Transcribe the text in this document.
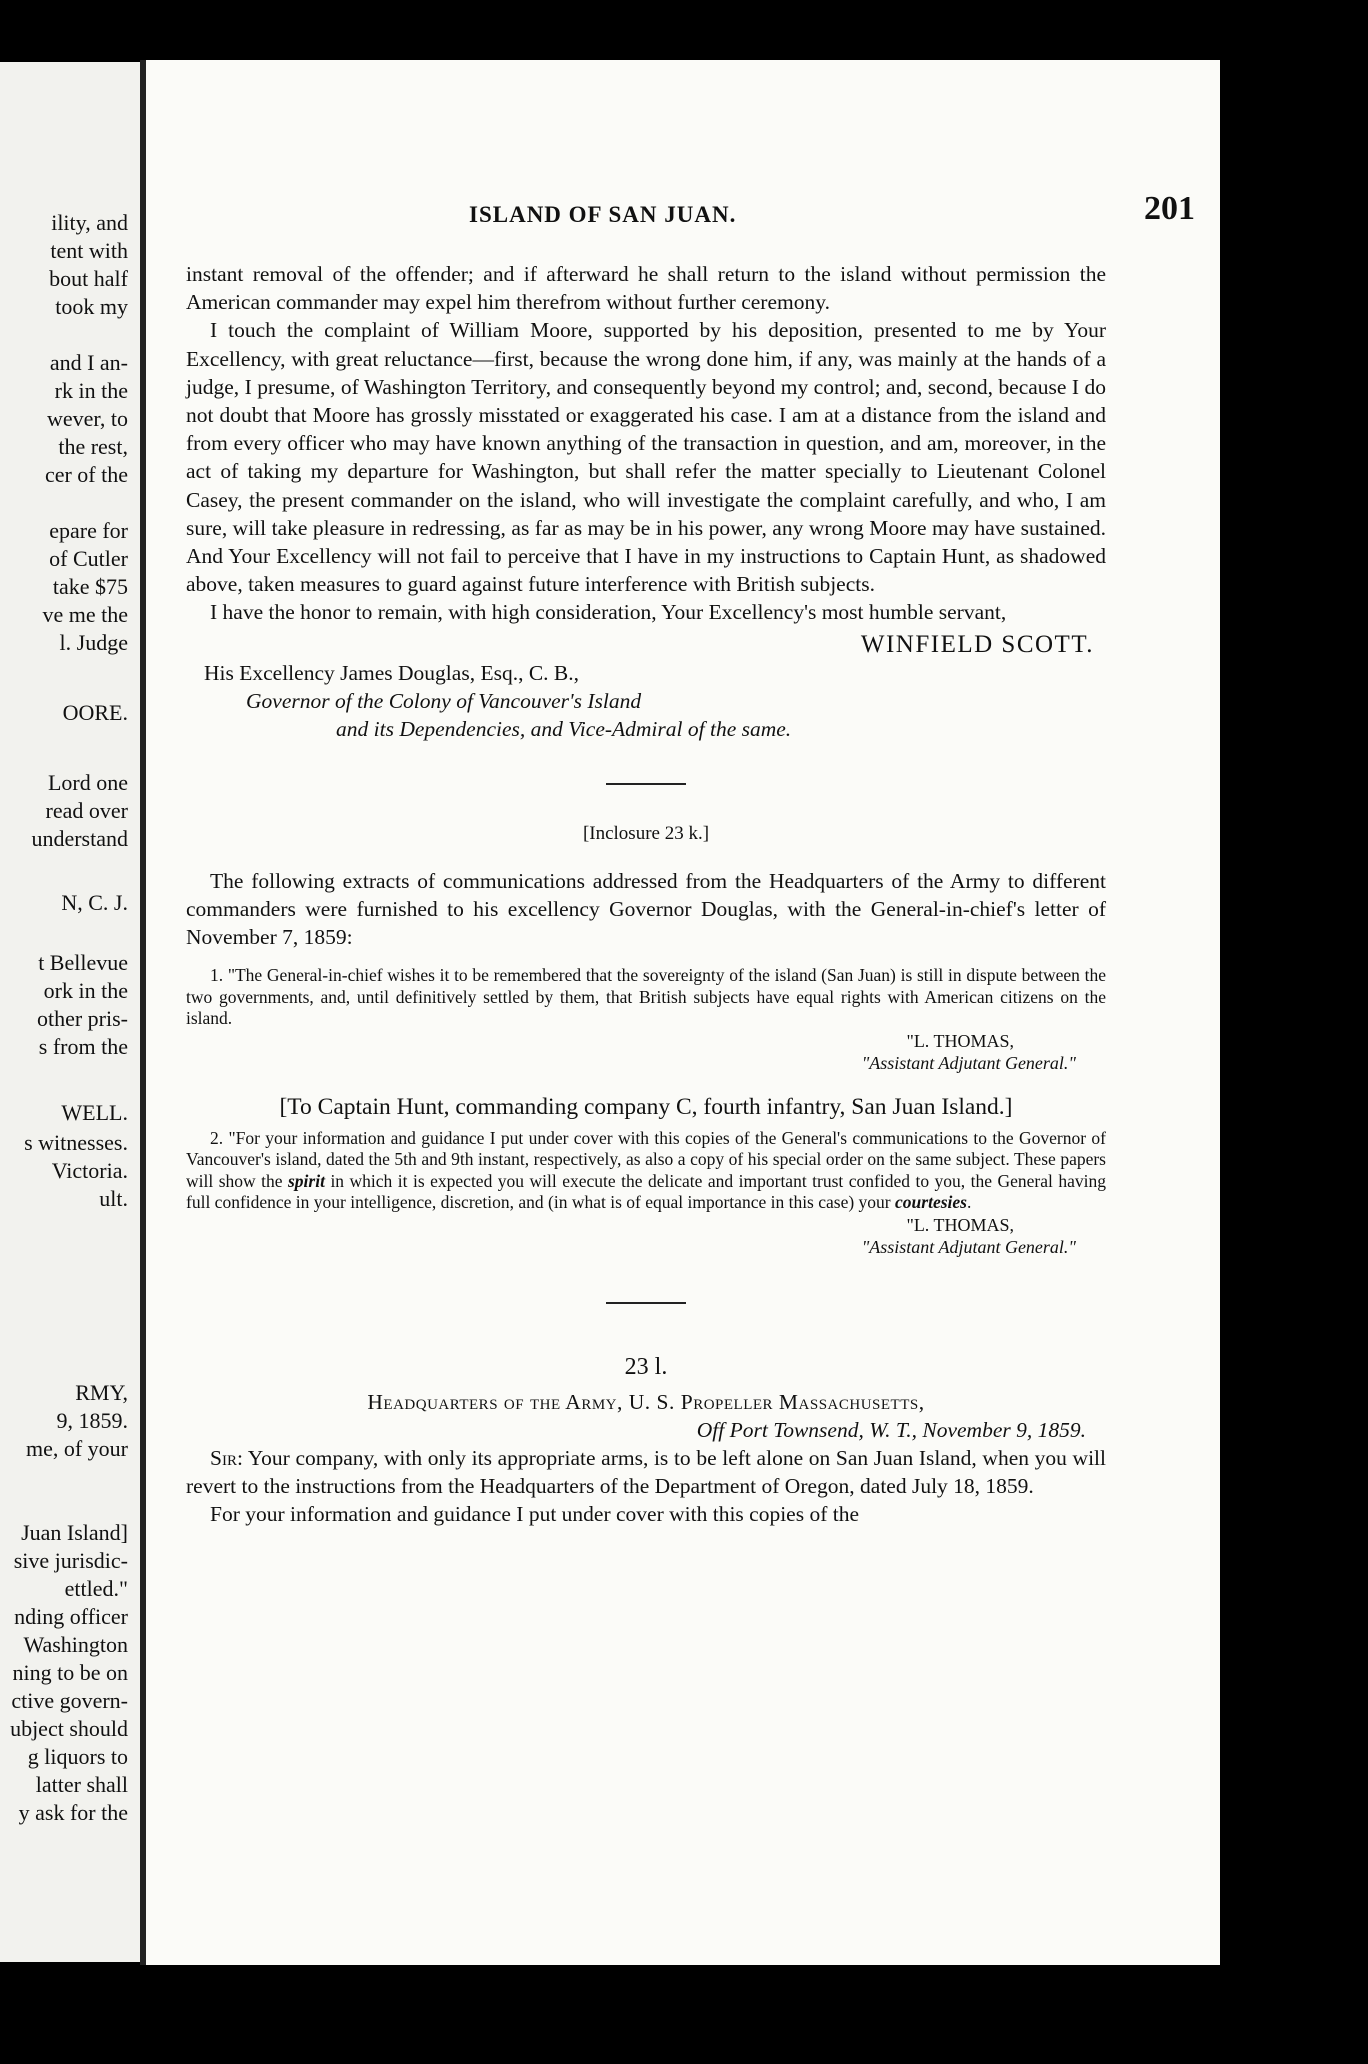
ility, and
tent with
bout half
took my
and I an-
rk in the
wever, to
the rest,
cer of the
epare for
of Cutler
take $75
ve me the
l. Judge
OORE.
Lord one
read over
understand
N, C. J.
t Bellevue
ork in the
other pris-
s from the
WELL.
s witnesses.
Victoria.
ult.
RMY,
9, 1859.
me, of your
Juan Island]
sive jurisdic-
ettled."
nding officer
Washington
ning to be on
ctive govern-
ubject should
g liquors to
latter shall
y ask for the
ISLAND OF SAN JUAN.	201

instant removal of the offender; and if afterward he shall return to the island without permission the American commander may expel him therefrom without further ceremony.

I touch the complaint of William Moore, supported by his deposition, presented to me by Your Excellency, with great reluctance—first, because the wrong done him, if any, was mainly at the hands of a judge, I presume, of Washington Territory, and consequently beyond my control; and, second, because I do not doubt that Moore has grossly misstated or exaggerated his case. I am at a distance from the island and from every officer who may have known anything of the transaction in question, and am, moreover, in the act of taking my departure for Washington, but shall refer the matter specially to Lieutenant Colonel Casey, the present commander on the island, who will investigate the complaint carefully, and who, I am sure, will take pleasure in redressing, as far as may be in his power, any wrong Moore may have sustained. And Your Excellency will not fail to perceive that I have in my instructions to Captain Hunt, as shadowed above, taken measures to guard against future interference with British subjects.

I have the honor to remain, with high consideration, Your Excellency's most humble servant,

WINFIELD SCOTT.

His Excellency James Douglas, Esq., C. B.,
Governor of the Colony of Vancouver's Island
and its Dependencies, and Vice-Admiral of the same.

[Inclosure 23 k.]

The following extracts of communications addressed from the Headquarters of the Army to different commanders were furnished to his excellency Governor Douglas, with the General-in-chief's letter of November 7, 1859:

1. "The General-in-chief wishes it to be remembered that the sovereignty of the island (San Juan) is still in dispute between the two governments, and, until definitively settled by them, that British subjects have equal rights with American citizens on the island.

"L. THOMAS,
"Assistant Adjutant General."

[To Captain Hunt, commanding company C, fourth infantry, San Juan Island.]

2. "For your information and guidance I put under cover with this copies of the General's communications to the Governor of Vancouver's island, dated the 5th and 9th instant, respectively, as also a copy of his special order on the same subject. These papers will show the spirit in which it is expected you will execute the delicate and important trust confided to you, the General having full confidence in your intelligence, discretion, and (in what is of equal importance in this case) your courtesies.

"L. THOMAS,
"Assistant Adjutant General."

23 l.

Headquarters of the Army, U. S. Propeller Massachusetts,

Off Port Townsend, W. T., November 9, 1859.

Sir: Your company, with only its appropriate arms, is to be left alone on San Juan Island, when you will revert to the instructions from the Headquarters of the Department of Oregon, dated July 18, 1859.

For your information and guidance I put under cover with this copies of the
